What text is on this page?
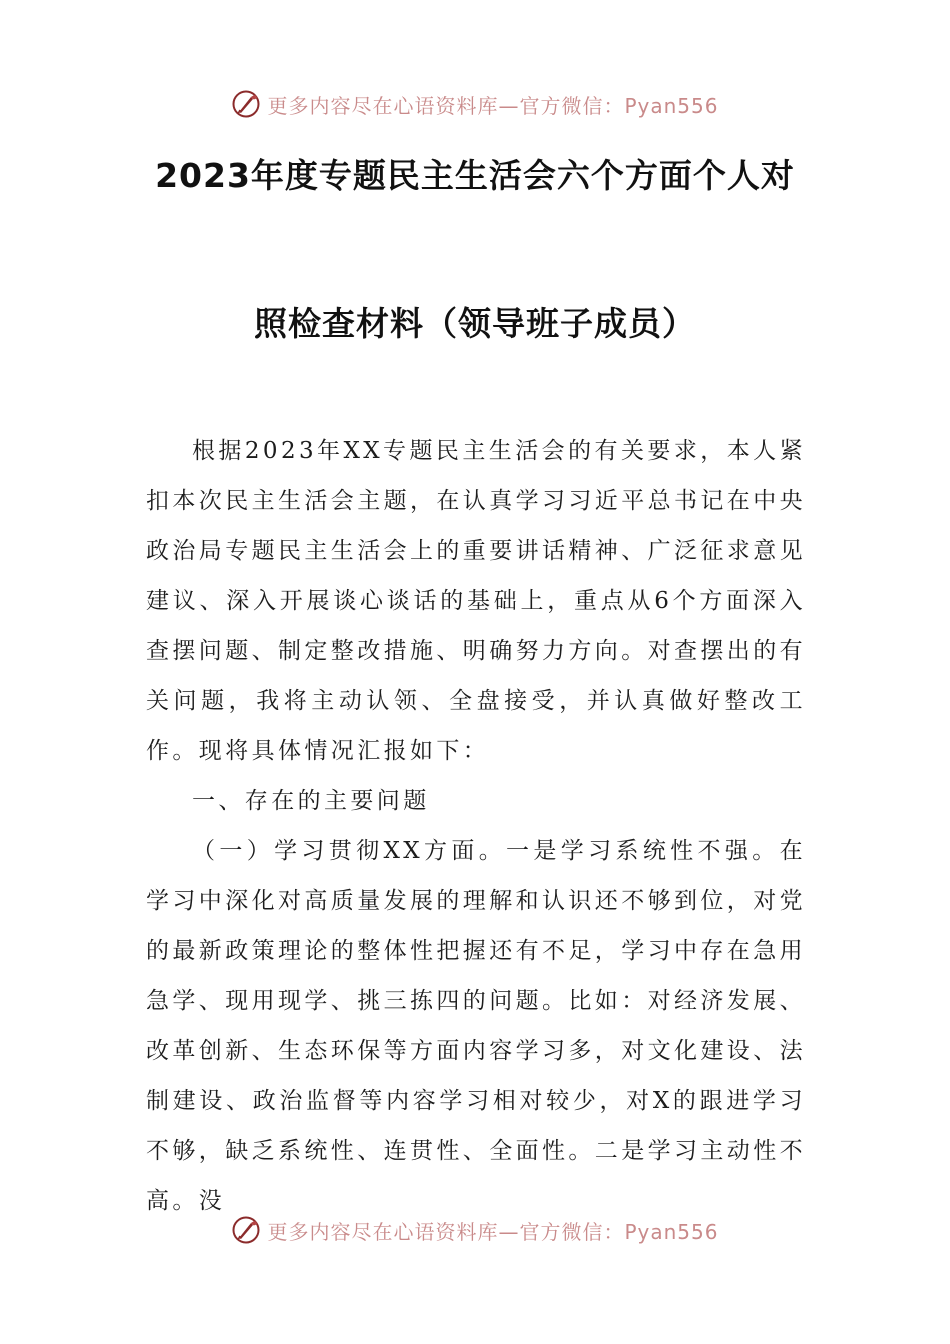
更多内容尽在心语资料库—官方微信：Pyan556
2023年度专题民主生活会六个方面个人对
照检查材料（领导班子成员）

根据2023年XX专题民主生活会的有关要求，本人紧扣本次民主生活会主题，在认真学习习近平总书记在中央政治局专题民主生活会上的重要讲话精神、广泛征求意见建议、深入开展谈心谈话的基础上，重点从6个方面深入查摆问题、制定整改措施、明确努力方向。对查摆出的有关问题，我将主动认领、全盘接受，并认真做好整改工作。现将具体情况汇报如下：

一、存在的主要问题

（一）学习贯彻XX方面。一是学习系统性不强。在学习中深化对高质量发展的理解和认识还不够到位，对党的最新政策理论的整体性把握还有不足，学习中存在急用急学、现用现学、挑三拣四的问题。比如：对经济发展、改革创新、生态环保等方面内容学习多，对文化建设、法制建设、政治监督等内容学习相对较少，对X的跟进学习不够，缺乏系统性、连贯性、全面性。二是学习主动性不高。没

更多内容尽在心语资料库—官方微信：Pyan556
